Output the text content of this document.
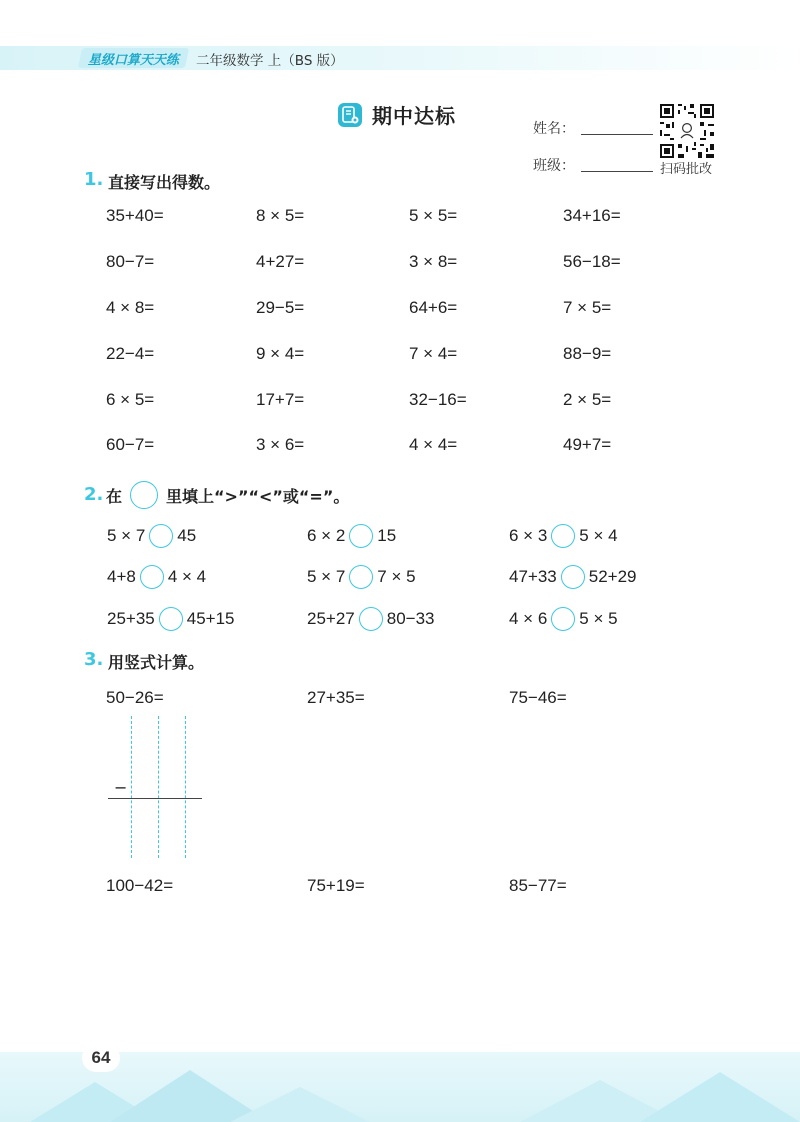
星级口算天天练 二年级数学 上（BS 版）
期中达标
姓名：
班级：	扫码批改
1. 直接写出得数。
35+40=	8 × 5=	5 × 5=	34+16=
80−7=	4+27=	3 × 8=	56−18=
4 × 8=	29−5=	64+6=	7 × 5=
22−4=	9 × 4=	7 × 4=	88−9=
6 × 5=	17+7=	32−16=	2 × 5=
60−7=	3 × 6=	4 × 4=	49+7=
2. 在	里填上“>”“<”或“=”。
5 × 7 45	6 × 2 15	6 × 3 5 × 4
4+8 4 × 4	5 × 7 7 × 5	47+33 52+29
25+35 45+15	25+27 80−33	4 × 6 5 × 5
3. 用竖式计算。
50−26=	27+35=	75−46=
−
100−42=	75+19=	85−77=
64
